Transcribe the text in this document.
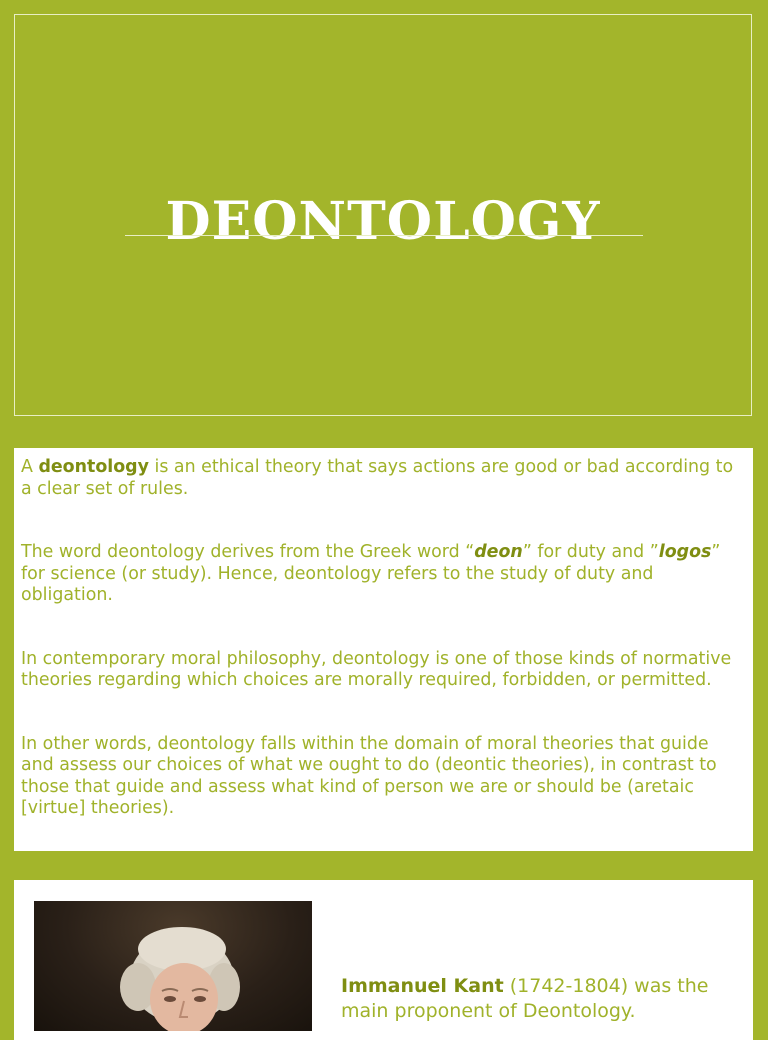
DEONTOLOGY

A deontology is an ethical theory that says actions are good or bad according to a clear set of rules.

The word deontology derives from the Greek word “deon” for duty and ”logos” for science (or study). Hence, deontology refers to the study of duty and obligation.

In contemporary moral philosophy, deontology is one of those kinds of normative theories regarding which choices are morally required, forbidden, or permitted.

In other words, deontology falls within the domain of moral theories that guide and assess our choices of what we ought to do (deontic theories), in contrast to those that guide and assess what kind of person we are or should be (aretaic [virtue] theories).

Immanuel Kant (1742-1804) was the main proponent of Deontology.
